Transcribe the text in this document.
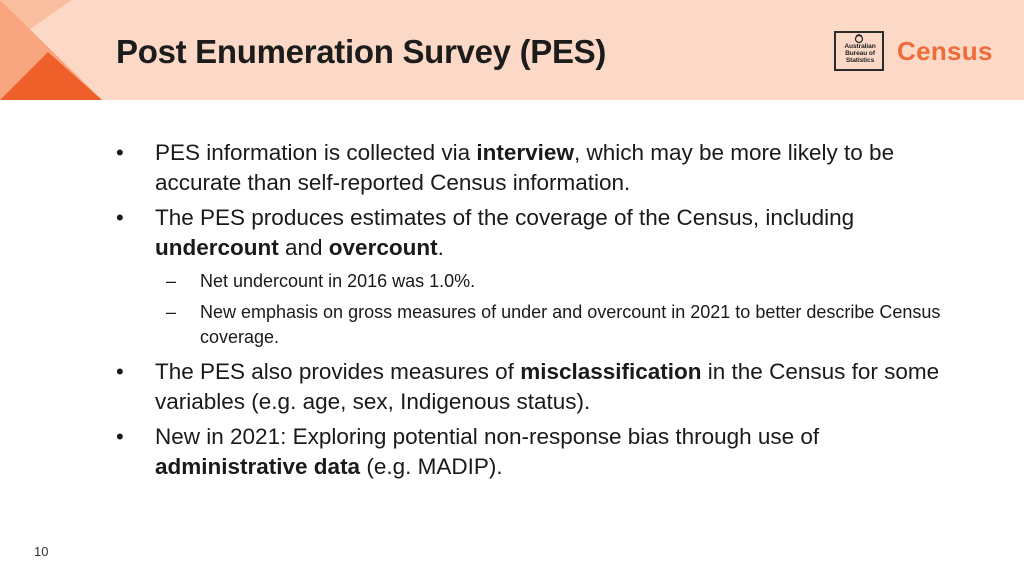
Post Enumeration Survey (PES)	Australian
Bureau of
Statistics Census
•	PES information is collected via interview, which may be more likely to be accurate than self-reported Census information.
•	The PES produces estimates of the coverage of the Census, including undercount and overcount.
– Net undercount in 2016 was 1.0%.
– New emphasis on gross measures of under and overcount in 2021 to better describe Census coverage.
•	The PES also provides measures of misclassification in the Census for some variables (e.g. age, sex, Indigenous status).
•	New in 2021: Exploring potential non-response bias through use of administrative data (e.g. MADIP).
10
